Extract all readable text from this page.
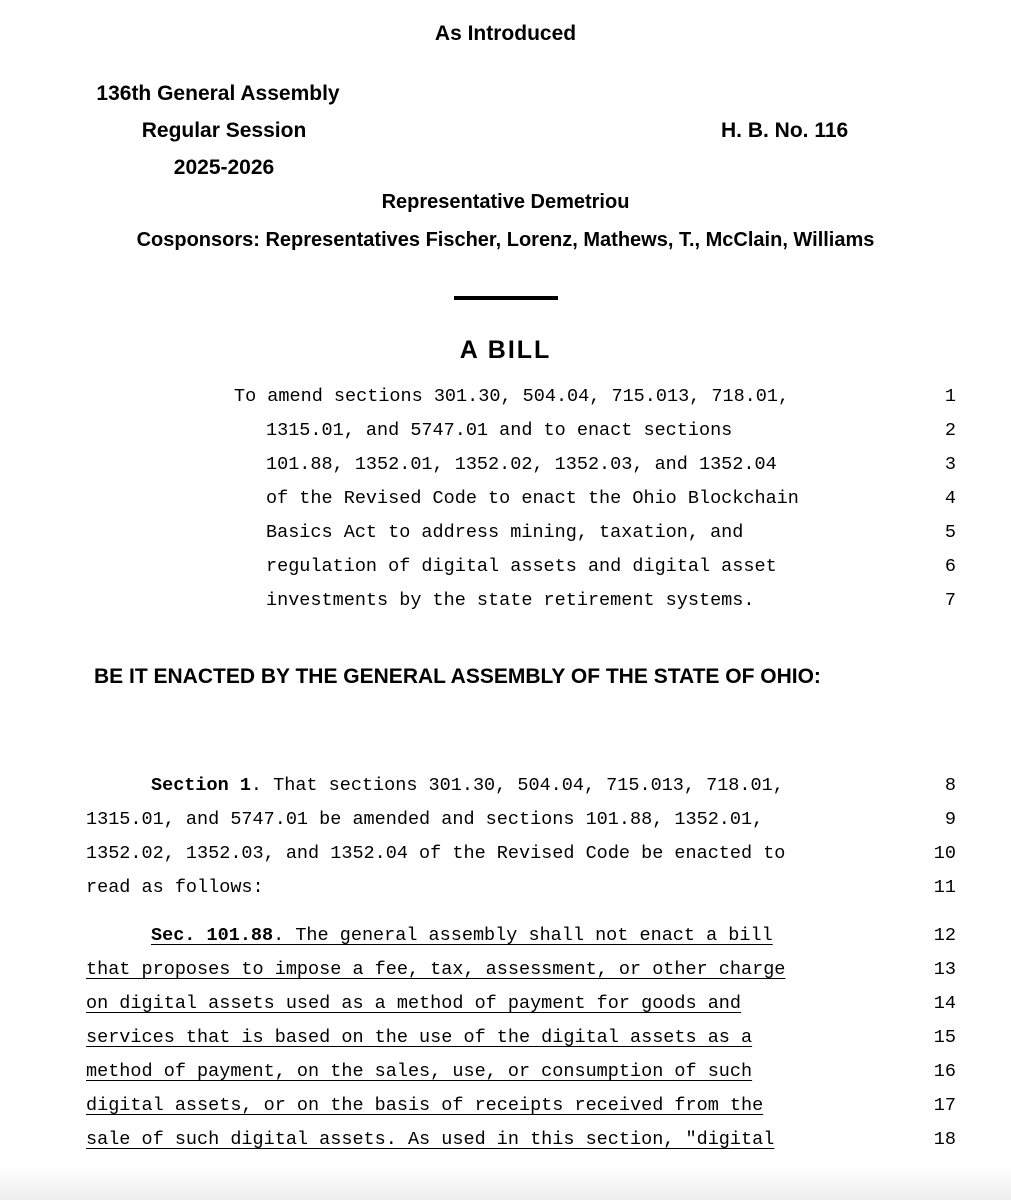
As Introduced
136th General Assembly
Regular Session
2025-2026
H. B. No. 116
Representative Demetriou
Cosponsors: Representatives Fischer, Lorenz, Mathews, T., McClain, Williams
A BILL
To amend sections 301.30, 504.04, 715.013, 718.01,	1
1315.01, and 5747.01 and to enact sections	2
101.88, 1352.01, 1352.02, 1352.03, and 1352.04	3
of the Revised Code to enact the Ohio Blockchain	4
Basics Act to address mining, taxation, and	5
regulation of digital assets and digital asset	6
investments by the state retirement systems.	7
BE IT ENACTED BY THE GENERAL ASSEMBLY OF THE STATE OF OHIO:
Section 1. That sections 301.30, 504.04, 715.013, 718.01,	8
1315.01, and 5747.01 be amended and sections 101.88, 1352.01,	9
1352.02, 1352.03, and 1352.04 of the Revised Code be enacted to	10
read as follows:	11
Sec. 101.88. The general assembly shall not enact a bill	12
that proposes to impose a fee, tax, assessment, or other charge	13
on digital assets used as a method of payment for goods and	14
services that is based on the use of the digital assets as a	15
method of payment, on the sales, use, or consumption of such	16
digital assets, or on the basis of receipts received from the	17
sale of such digital assets. As used in this section, "digital	18
